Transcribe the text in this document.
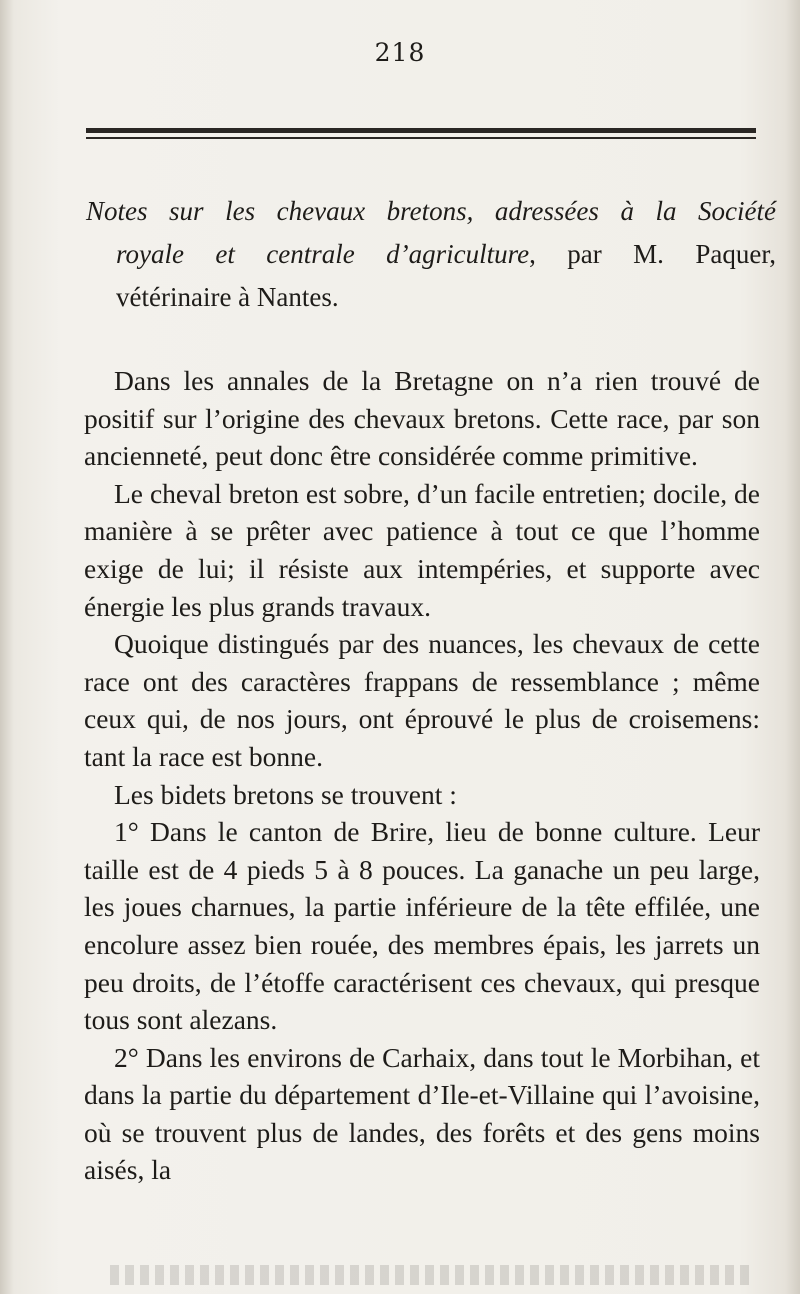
218

Notes sur les chevaux bretons, adressées à la Société
royale et centrale d’agriculture, par M. Paquer,
vétérinaire à Nantes.

Dans les annales de la Bretagne on n’a rien trouvé de positif sur l’origine des chevaux bretons. Cette race, par son ancienneté, peut donc être considérée comme primitive.

Le cheval breton est sobre, d’un facile entretien; docile, de manière à se prêter avec patience à tout ce que l’homme exige de lui; il résiste aux intempéries, et supporte avec énergie les plus grands travaux.

Quoique distingués par des nuances, les chevaux de cette race ont des caractères frappans de ressemblance ; même ceux qui, de nos jours, ont éprouvé le plus de croisemens: tant la race est bonne.

Les bidets bretons se trouvent :

1° Dans le canton de Brire, lieu de bonne culture. Leur taille est de 4 pieds 5 à 8 pouces. La ganache un peu large, les joues charnues, la partie inférieure de la tête effilée, une encolure assez bien rouée, des membres épais, les jarrets un peu droits, de l’étoffe caractérisent ces chevaux, qui presque tous sont alezans.

2° Dans les environs de Carhaix, dans tout le Morbihan, et dans la partie du département d’Ile-et-Villaine qui l’avoisine, où se trouvent plus de landes, des forêts et des gens moins aisés, la
